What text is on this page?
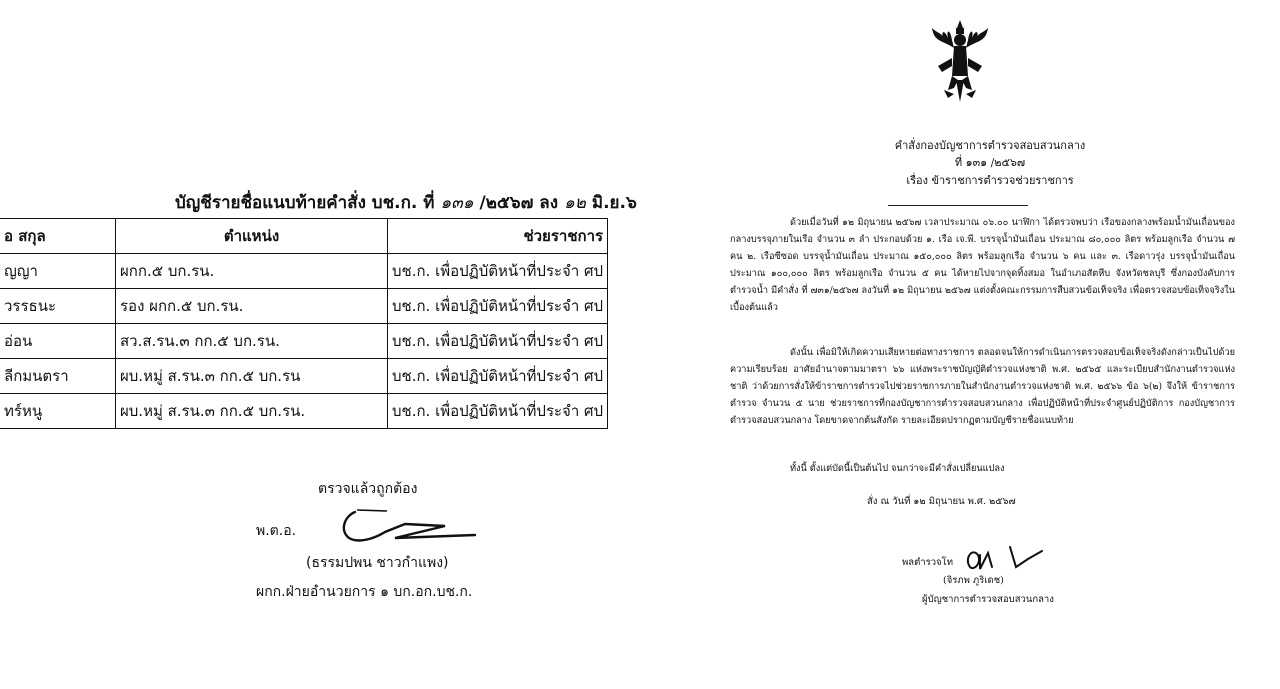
บัญชีรายชื่อแนบท้ายคำสั่ง บช.ก. ที่ ๑๓๑ /๒๕๖๗ ลง ๑๒ มิ.ย.๖
อ สกุล	ตำแหน่ง	ช่วยราชการ
ญญา	ผกก.๕ บก.รน.	บช.ก. เพื่อปฏิบัติหน้าที่ประจำ ศป
วรรธนะ	รอง ผกก.๕ บก.รน.	บช.ก. เพื่อปฏิบัติหน้าที่ประจำ ศป
อ่อน	สว.ส.รน.๓ กก.๕ บก.รน.	บช.ก. เพื่อปฏิบัติหน้าที่ประจำ ศป
ลีกมนตรา	ผบ.หมู่ ส.รน.๓ กก.๕ บก.รน	บช.ก. เพื่อปฏิบัติหน้าที่ประจำ ศป
ทร์หนู	ผบ.หมู่ ส.รน.๓ กก.๕ บก.รน.	บช.ก. เพื่อปฏิบัติหน้าที่ประจำ ศป
ตรวจแล้วถูกต้อง
พ.ต.อ.
(ธรรมปพน ชาวกำแพง)
ผกก.ฝ่ายอำนวยการ ๑ บก.อก.บช.ก.
คำสั่งกองบัญชาการตำรวจสอบสวนกลาง
ที่ ๑๓๑ /๒๕๖๗
เรื่อง ข้าราชการตำรวจช่วยราชการ

ด้วยเมื่อวันที่ ๑๒ มิถุนายน ๒๕๖๗ เวลาประมาณ ๐๖.๐๐ นาฬิกา ได้ตรวจพบว่า เรือของกลางพร้อมน้ำมันเถื่อนของกลางบรรจุภายในเรือ จำนวน ๓ ลำ ประกอบด้วย ๑. เรือ เจ.พี. บรรจุน้ำมันเถื่อน ประมาณ ๘๐,๐๐๐ ลิตร พร้อมลูกเรือ จำนวน ๗ คน ๒. เรือซีซอด บรรจุน้ำมันเถื่อน ประมาณ ๑๕๐,๐๐๐ ลิตร พร้อมลูกเรือ จำนวน ๖ คน และ ๓. เรือดาวรุ่ง บรรจุน้ำมันเถื่อน ประมาณ ๑๐๐,๐๐๐ ลิตร พร้อมลูกเรือ จำนวน ๕ คน ได้หายไปจากจุดทิ้งสมอ ในอำเภอสัตหีบ จังหวัดชลบุรี ซึ่งกองบังคับการตำรวจน้ำ มีคำสั่ง ที่ ๗๓๑/๒๕๖๗ ลงวันที่ ๑๒ มิถุนายน ๒๕๖๗ แต่งตั้งคณะกรรมการสืบสวนข้อเท็จจริง เพื่อตรวจสอบข้อเท็จจริงในเบื้องต้นแล้ว

ดังนั้น เพื่อมิให้เกิดความเสียหายต่อทางราชการ ตลอดจนให้การดำเนินการตรวจสอบข้อเท็จจริงดังกล่าวเป็นไปด้วยความเรียบร้อย อาศัยอำนาจตามมาตรา ๖๖ แห่งพระราชบัญญัติตำรวจแห่งชาติ พ.ศ. ๒๕๖๕ และระเบียบสำนักงานตำรวจแห่งชาติ ว่าด้วยการสั่งให้ข้าราชการตำรวจไปช่วยราชการภายในสำนักงานตำรวจแห่งชาติ พ.ศ. ๒๕๖๖ ข้อ ๖(๒) จึงให้ ข้าราชการตำรวจ จำนวน ๕ นาย ช่วยราชการที่กองบัญชาการตำรวจสอบสวนกลาง เพื่อปฏิบัติหน้าที่ประจำศูนย์ปฏิบัติการ กองบัญชาการตำรวจสอบสวนกลาง โดยขาดจากต้นสังกัด รายละเอียดปรากฏตามบัญชีรายชื่อแนบท้าย

ทั้งนี้ ตั้งแต่บัดนี้เป็นต้นไป จนกว่าจะมีคำสั่งเปลี่ยนแปลง

สั่ง ณ วันที่ ๑๒ มิถุนายน พ.ศ. ๒๕๖๗
พลตำรวจโท
(จิรภพ ภูริเดช)
ผู้บัญชาการตำรวจสอบสวนกลาง
